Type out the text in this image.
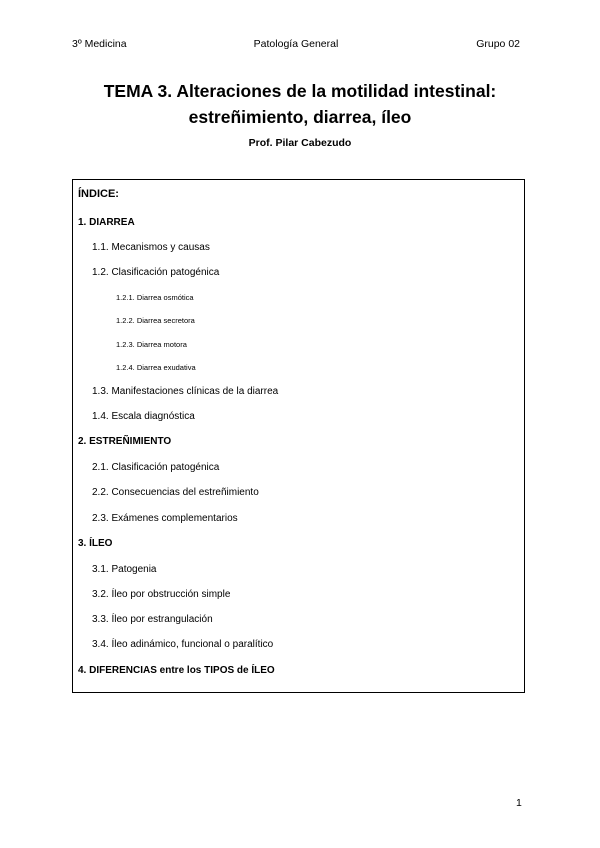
3º Medicina	Patología General	Grupo 02
TEMA 3. Alteraciones de la motilidad intestinal:
estreñimiento, diarrea, íleo
Prof. Pilar Cabezudo
ÍNDICE:
1. DIARREA
1.1. Mecanismos y causas
1.2. Clasificación patogénica
1.2.1. Diarrea osmótica
1.2.2. Diarrea secretora
1.2.3. Diarrea motora
1.2.4. Diarrea exudativa
1.3. Manifestaciones clínicas de la diarrea
1.4. Escala diagnóstica
2. ESTREÑIMIENTO
2.1. Clasificación patogénica
2.2. Consecuencias del estreñimiento
2.3. Exámenes complementarios
3. ÍLEO
3.1. Patogenia
3.2. Íleo por obstrucción simple
3.3. Íleo por estrangulación
3.4. Íleo adinámico, funcional o paralítico
4. DIFERENCIAS entre los TIPOS de ÍLEO
1
